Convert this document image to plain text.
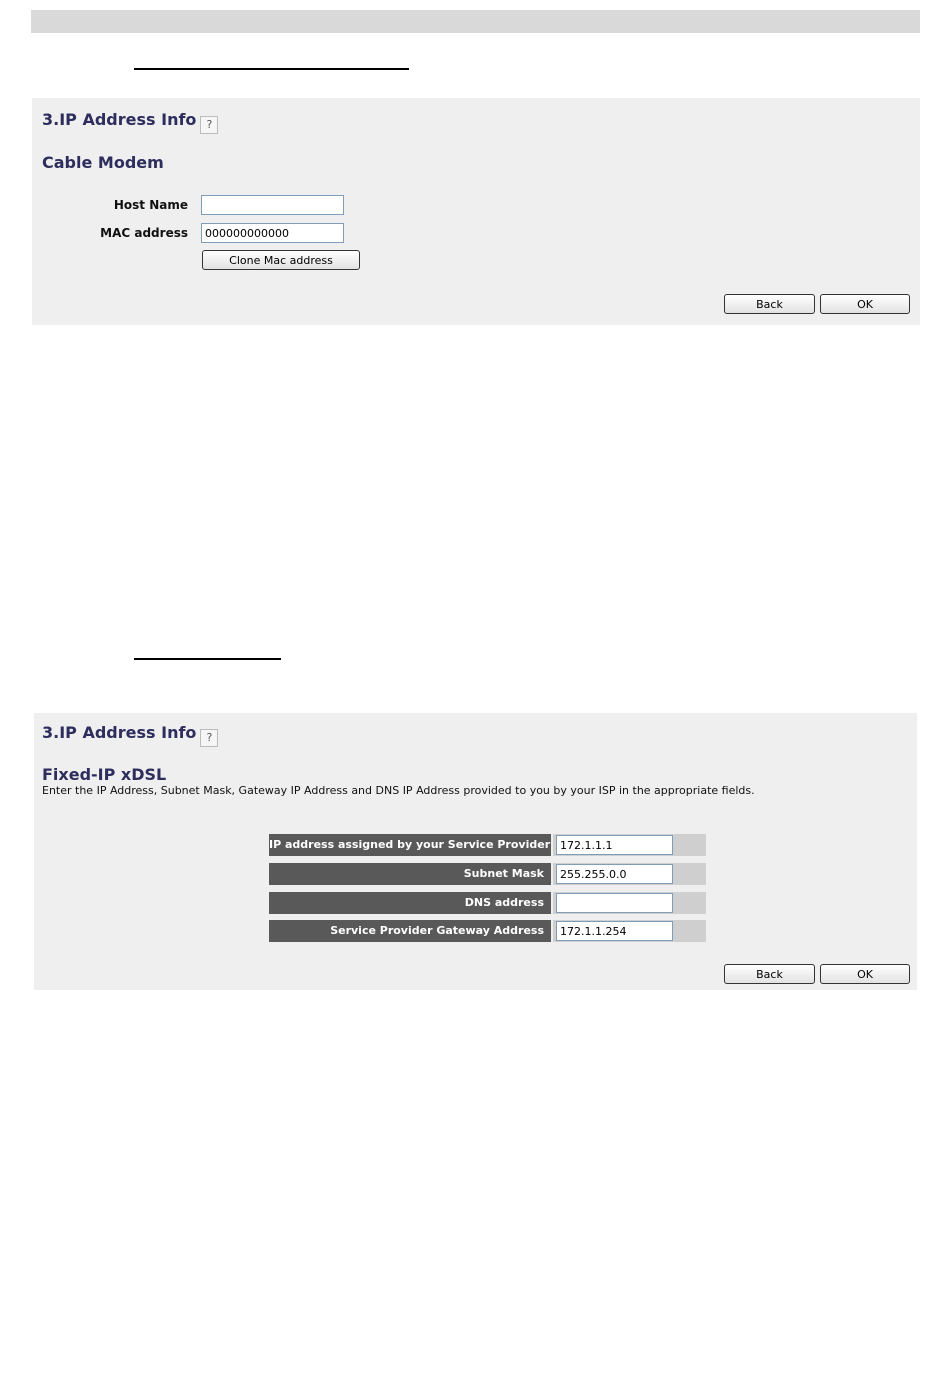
3.IP Address Info ?
Cable Modem
Host Name
MAC address
000000000000
Clone Mac address
Back	OK
3.IP Address Info ?
Fixed-IP xDSL
Enter the IP Address, Subnet Mask, Gateway IP Address and DNS IP Address provided to you by your ISP in the appropriate fields.
IP address assigned by your Service Provider
172.1.1.1
Subnet Mask
255.255.0.0
DNS address
Service Provider Gateway Address
172.1.1.254
Back	OK
